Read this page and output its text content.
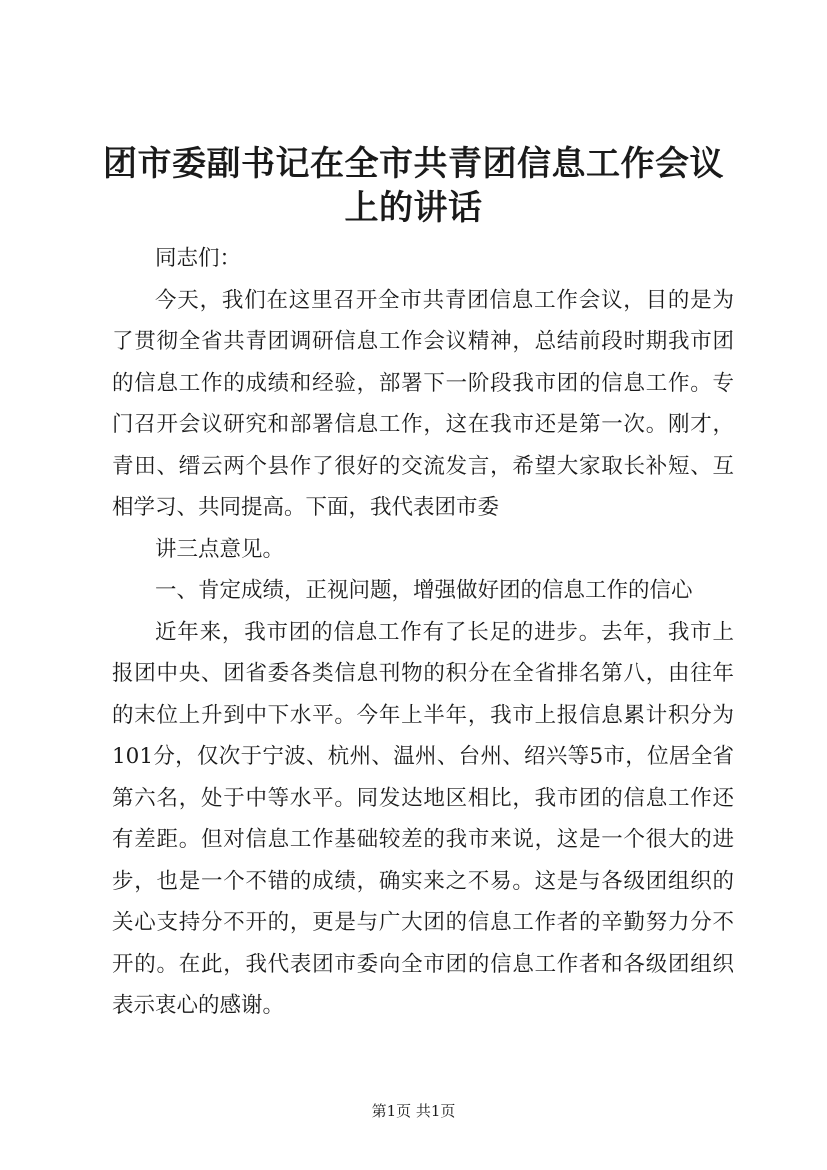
团市委副书记在全市共青团信息工作会议上的讲话

同志们：

今天，我们在这里召开全市共青团信息工作会议，目的是为了贯彻全省共青团调研信息工作会议精神，总结前段时期我市团的信息工作的成绩和经验，部署下一阶段我市团的信息工作。专门召开会议研究和部署信息工作，这在我市还是第一次。刚才，青田、缙云两个县作了很好的交流发言，希望大家取长补短、互相学习、共同提高。下面，我代表团市委

讲三点意见。

一、肯定成绩，正视问题，增强做好团的信息工作的信心

近年来，我市团的信息工作有了长足的进步。去年，我市上报团中央、团省委各类信息刊物的积分在全省排名第八，由往年的末位上升到中下水平。今年上半年，我市上报信息累计积分为101分，仅次于宁波、杭州、温州、台州、绍兴等5市，位居全省第六名，处于中等水平。同发达地区相比，我市团的信息工作还有差距。但对信息工作基础较差的我市来说，这是一个很大的进步，也是一个不错的成绩，确实来之不易。这是与各级团组织的关心支持分不开的，更是与广大团的信息工作者的辛勤努力分不开的。在此，我代表团市委向全市团的信息工作者和各级团组织表示衷心的感谢。

第1页 共1页
